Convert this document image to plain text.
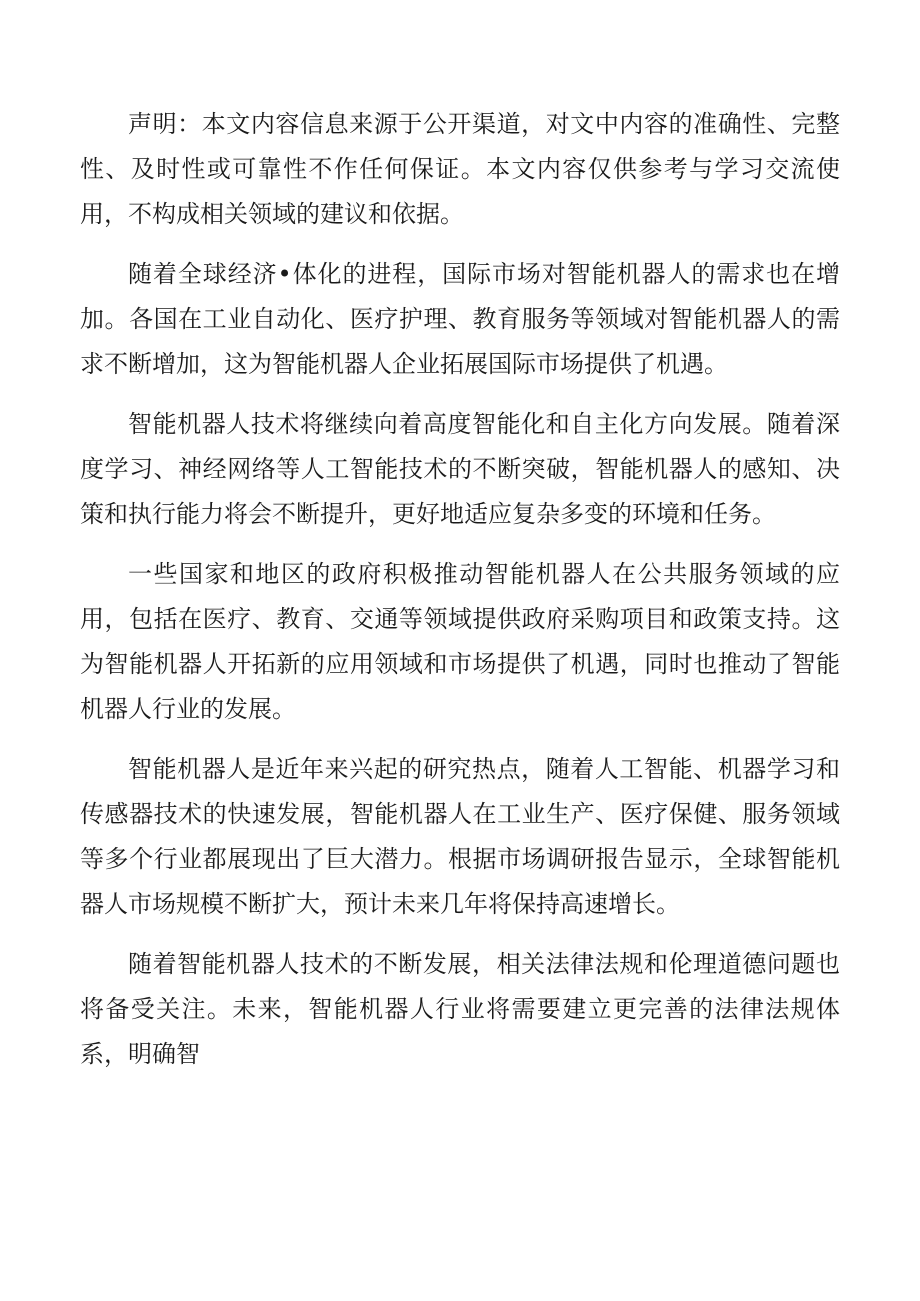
声明：本文内容信息来源于公开渠道，对文中内容的准确性、完整性、及时性或可靠性不作任何保证。本文内容仅供参考与学习交流使用，不构成相关领域的建议和依据。

随着全球经济•体化的进程，国际市场对智能机器人的需求也在增加。各国在工业自动化、医疗护理、教育服务等领域对智能机器人的需求不断增加，这为智能机器人企业拓展国际市场提供了机遇。

智能机器人技术将继续向着高度智能化和自主化方向发展。随着深度学习、神经网络等人工智能技术的不断突破，智能机器人的感知、决策和执行能力将会不断提升，更好地适应复杂多变的环境和任务。

一些国家和地区的政府积极推动智能机器人在公共服务领域的应用，包括在医疗、教育、交通等领域提供政府采购项目和政策支持。这为智能机器人开拓新的应用领域和市场提供了机遇，同时也推动了智能机器人行业的发展。

智能机器人是近年来兴起的研究热点，随着人工智能、机器学习和传感器技术的快速发展，智能机器人在工业生产、医疗保健、服务领域等多个行业都展现出了巨大潜力。根据市场调研报告显示，全球智能机器人市场规模不断扩大，预计未来几年将保持高速增长。

随着智能机器人技术的不断发展，相关法律法规和伦理道德问题也将备受关注。未来，智能机器人行业将需要建立更完善的法律法规体系，明确智
